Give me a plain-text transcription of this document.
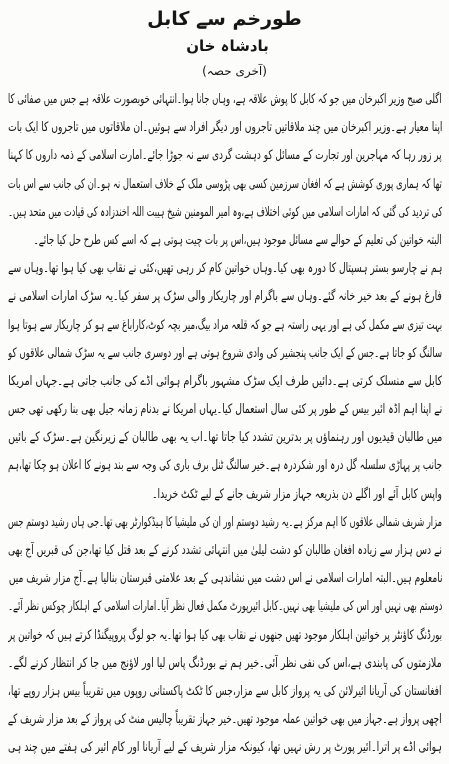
طورخم سے کابل
بادشاہ خان
(آخری حصہ)
اگلی صبح وزیر اکبرخان میں جو کہ کابل کا پوش علاقہ ہے، وہاں جانا ہوا۔انتہائی خوبصورت علاقہ ہے جس میں صفائی کا
اپنا معیار ہے۔وزیر اکبرخان میں چند ملاقاتیں تاجروں اور دیگر افراد سے ہوئیں۔ان ملاقاتوں میں تاجروں کا ایک بات
پر زور رہا کہ مہاجرین اور تجارت کے مسائل کو دہشت گردی سے نہ جوڑا جائے۔امارت اسلامی کے ذمہ داروں کا کہنا
تھا کہ ہماری پوری کوشش ہے کہ افغان سرزمین کسی بھی پڑوسی ملک کے خلاف استعمال نہ ہو۔ان کی جانب سے اس بات
کی تردید کی گئی کہ امارات اسلامی میں کوئی اختلاف ہے،وہ امیر المومنین شیخ ہیبت اللہ اخندزادہ کی قیادت میں متحد ہیں۔
البتہ خواتین کی تعلیم کے حوالے سے مسائل موجود ہیں،اس پر بات چیت ہوتی ہے کہ اسے کس طرح حل کیا جائے۔
ہم نے چارسو بستر ہسپتال کا دورہ بھی کیا۔وہاں خواتین کام کر رہی تھیں،کئی نے نقاب بھی کیا ہوا تھا۔وہاں سے
فارغ ہونے کے بعد خیر خانہ گئے۔وہاں سے باگرام اور چاریکار والی سڑک پر سفر کیا۔یہ سڑک امارات اسلامی نے
بہت تیزی سے مکمل کی ہے اور یہی راستہ ہے جو کہ قلعہ مراد بیگ،میر بچہ کوٹ،کاراباغ سے ہو کر چاریکار سے ہوتا ہوا
سالنگ کو جاتا ہے۔جس کے ایک جانب پنجشیر کی وادی شروع ہوتی ہے اور دوسری جانب سے یہ سڑک شمالی علاقوں کو
کابل سے منسلک کرتی ہے۔دائیں طرف ایک سڑک مشہور باگرام ہوائی اڈے کی جانب جاتی ہے۔جہاں امریکا
نے اپنا اہم اڈہ ائیر بیس کے طور پر کئی سال استعمال کیا۔یہاں امریکا نے بدنام زمانہ جیل بھی بنا رکھی تھی جس
میں طالبان قیدیوں اور رہنماؤں پر بدترین تشدد کیا جاتا تھا۔اب یہ بھی طالبان کے زیرنگین ہے۔سڑک کے بائیں
جانب پر پہاڑی سلسلہ گل درہ اور شکردرہ ہے۔خیر سالنگ ٹنل برف باری کی وجہ سے بند ہونے کا اعلان ہو چکا تھا،ہم
واپس کابل آئے اور اگلے دن بذریعہ جہاز مزار شریف جانے کے لیے ٹکٹ خریدا۔
مزار شریف شمالی علاقوں کا اہم مرکز ہے۔یہ رشید دوستم اور ان کی ملیشیا کا ہیڈکوارٹر بھی تھا۔جی ہاں رشید دوستم جس
نے دس ہزار سے زیادہ افغان طالبان کو دشت لیلیٰ میں انتہائی تشدد کرنے کے بعد قتل کیا تھا،جن کی قبریں آج بھی
نامعلوم ہیں۔البتہ امارات اسلامی نے اس دشت میں نشاندہی کے بعد علامتی قبرستان بنالیا ہے۔آج مزار شریف میں
دوستم بھی نہیں اور اس کی ملیشیا بھی نہیں۔کابل ائیرپورٹ مکمل فعال نظر آیا۔امارات اسلامی کے اہلکار چوکس نظر آئے۔
بورڈنگ کاؤنٹر پر خواتین اہلکار موجود تھیں جنھوں نے نقاب بھی کیا ہوا تھا۔یہ جو لوگ پروپیگنڈا کرتے ہیں کہ خواتین پر
ملازمتوں کی پابندی ہے،اس کی نفی نظر آئی۔خیر ہم نے بورڈنگ پاس لیا اور لاؤنج میں جا کر انتظار کرنے لگے۔
افغانستان کی آریانا ائیرلائن کی یہ پرواز کابل سے مزار،جس کا ٹکٹ پاکستانی روپوں میں تقریباً بیس ہزار روپے تھا،
اچھی پرواز ہے۔جہاز میں بھی خواتین عملہ موجود تھیں۔خیر جہاز تقریباً چالیس منٹ کی پرواز کے بعد مزار شریف کے
ہوائی اڈے پر اترا۔ائیر پورٹ پر رش نہیں تھا، کیونکہ مزار شریف کے لیے آریانا اور کام ائیر کی ہفتے میں چند ہی
